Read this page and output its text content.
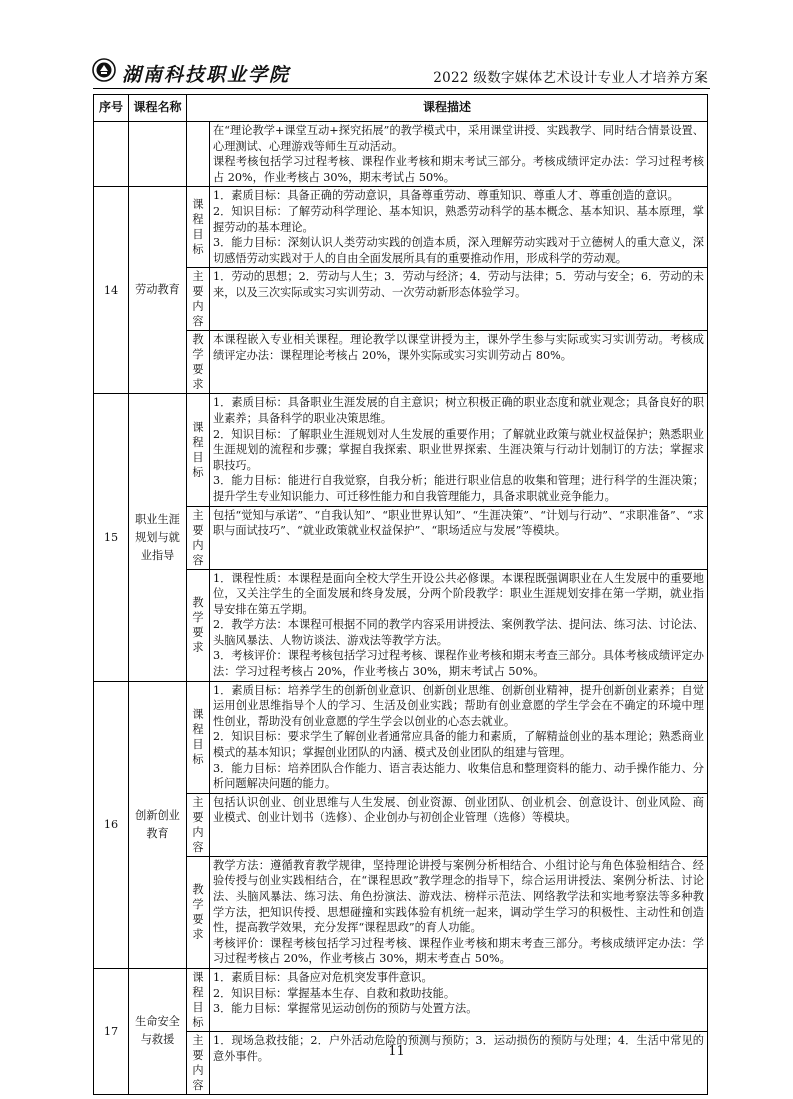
湖南科技职业学院	2022 级数字媒体艺术设计专业人才培养方案
序号	课程名称	课程描述	

			在“理论教学+课堂互动+探究拓展”的教学模式中，采用课堂讲授、实践教学、同时结合情景设置、心理测试、心理游戏等师生互动活动。

课程考核包括学习过程考核、课程作业考核和期末考试三部分。考核成绩评定办法：学习过程考核占 20%，作业考核占 30%，期末考试占 50%。

14	劳动教育	课程目标	1．素质目标：具备正确的劳动意识，具备尊重劳动、尊重知识、尊重人才、尊重创造的意识。

2．知识目标：了解劳动科学理论、基本知识，熟悉劳动科学的基本概念、基本知识、基本原理，掌握劳动的基本理论。

3．能力目标：深刻认识人类劳动实践的创造本质，深入理解劳动实践对于立德树人的重大意义，深切感悟劳动实践对于人的自由全面发展所具有的重要推动作用，形成科学的劳动观。

		主要内容	1．劳动的思想；2．劳动与人生；3．劳动与经济；4．劳动与法律；5．劳动与安全；6．劳动的未来，以及三次实际或实习实训劳动、一次劳动新形态体验学习。

		教学要求	本课程嵌入专业相关课程。理论教学以课堂讲授为主，课外学生参与实际或实习实训劳动。考核成绩评定办法：课程理论考核占 20%，课外实际或实习实训劳动占 80%。

15	职业生涯规划与就业指导	课程目标	1．素质目标：具备职业生涯发展的自主意识；树立积极正确的职业态度和就业观念；具备良好的职业素养；具备科学的职业决策思维。

2．知识目标：了解职业生涯规划对人生发展的重要作用；了解就业政策与就业权益保护；熟悉职业生涯规划的流程和步骤；掌握自我探索、职业世界探索、生涯决策与行动计划制订的方法；掌握求职技巧。

3．能力目标：能进行自我觉察，自我分析；能进行职业信息的收集和管理；进行科学的生涯决策；提升学生专业知识能力、可迁移性能力和自我管理能力，具备求职就业竞争能力。

		主要内容	包括“觉知与承诺”、“自我认知”、“职业世界认知”、“生涯决策”、“计划与行动”、“求职准备”、“求职与面试技巧”、“就业政策就业权益保护”、“职场适应与发展”等模块。

		教学要求	1．课程性质：本课程是面向全校大学生开设公共必修课。本课程既强调职业在人生发展中的重要地位，又关注学生的全面发展和终身发展，分两个阶段教学：职业生涯规划安排在第一学期，就业指导安排在第五学期。

2．教学方法：本课程可根据不同的教学内容采用讲授法、案例教学法、提问法、练习法、讨论法、头脑风暴法、人物访谈法、游戏法等教学方法。

3．考核评价：课程考核包括学习过程考核、课程作业考核和期末考查三部分。具体考核成绩评定办法：学习过程考核占 20%，作业考核占 30%，期末考试占 50%。

16	创新创业教育	课程目标	1．素质目标：培养学生的创新创业意识、创新创业思维、创新创业精神，提升创新创业素养；自觉运用创业思维指导个人的学习、生活及创业实践；帮助有创业意愿的学生学会在不确定的环境中理性创业，帮助没有创业意愿的学生学会以创业的心态去就业。

2．知识目标：要求学生了解创业者通常应具备的能力和素质，了解精益创业的基本理论；熟悉商业模式的基本知识；掌握创业团队的内涵、模式及创业团队的组建与管理。

3．能力目标：培养团队合作能力、语言表达能力、收集信息和整理资料的能力、动手操作能力、分析问题解决问题的能力。

		主要内容	包括认识创业、创业思维与人生发展、创业资源、创业团队、创业机会、创意设计、创业风险、商业模式、创业计划书（选修）、企业创办与初创企业管理（选修）等模块。

		教学要求	教学方法：遵循教育教学规律，坚持理论讲授与案例分析相结合、小组讨论与角色体验相结合、经验传授与创业实践相结合，在“课程思政”教学理念的指导下，综合运用讲授法、案例分析法、讨论法、头脑风暴法、练习法、角色扮演法、游戏法、榜样示范法、网络教学法和实地考察法等多种教学方法，把知识传授、思想碰撞和实践体验有机统一起来，调动学生学习的积极性、主动性和创造性，提高教学效果，充分发挥“课程思政”的育人功能。

考核评价：课程考核包括学习过程考核、课程作业考核和期末考查三部分。考核成绩评定办法：学习过程考核占 20%，作业考核占 30%，期末考查占 50%。

17	生命安全与救援	课程目标	1．素质目标：具备应对危机突发事件意识。

2．知识目标：掌握基本生存、自救和救助技能。

3．能力目标：掌握常见运动创伤的预防与处置方法。

		主要内容	1．现场急救技能；2．户外活动危险的预测与预防；3．运动损伤的预防与处理；4．生活中常见的意外事件。	11
